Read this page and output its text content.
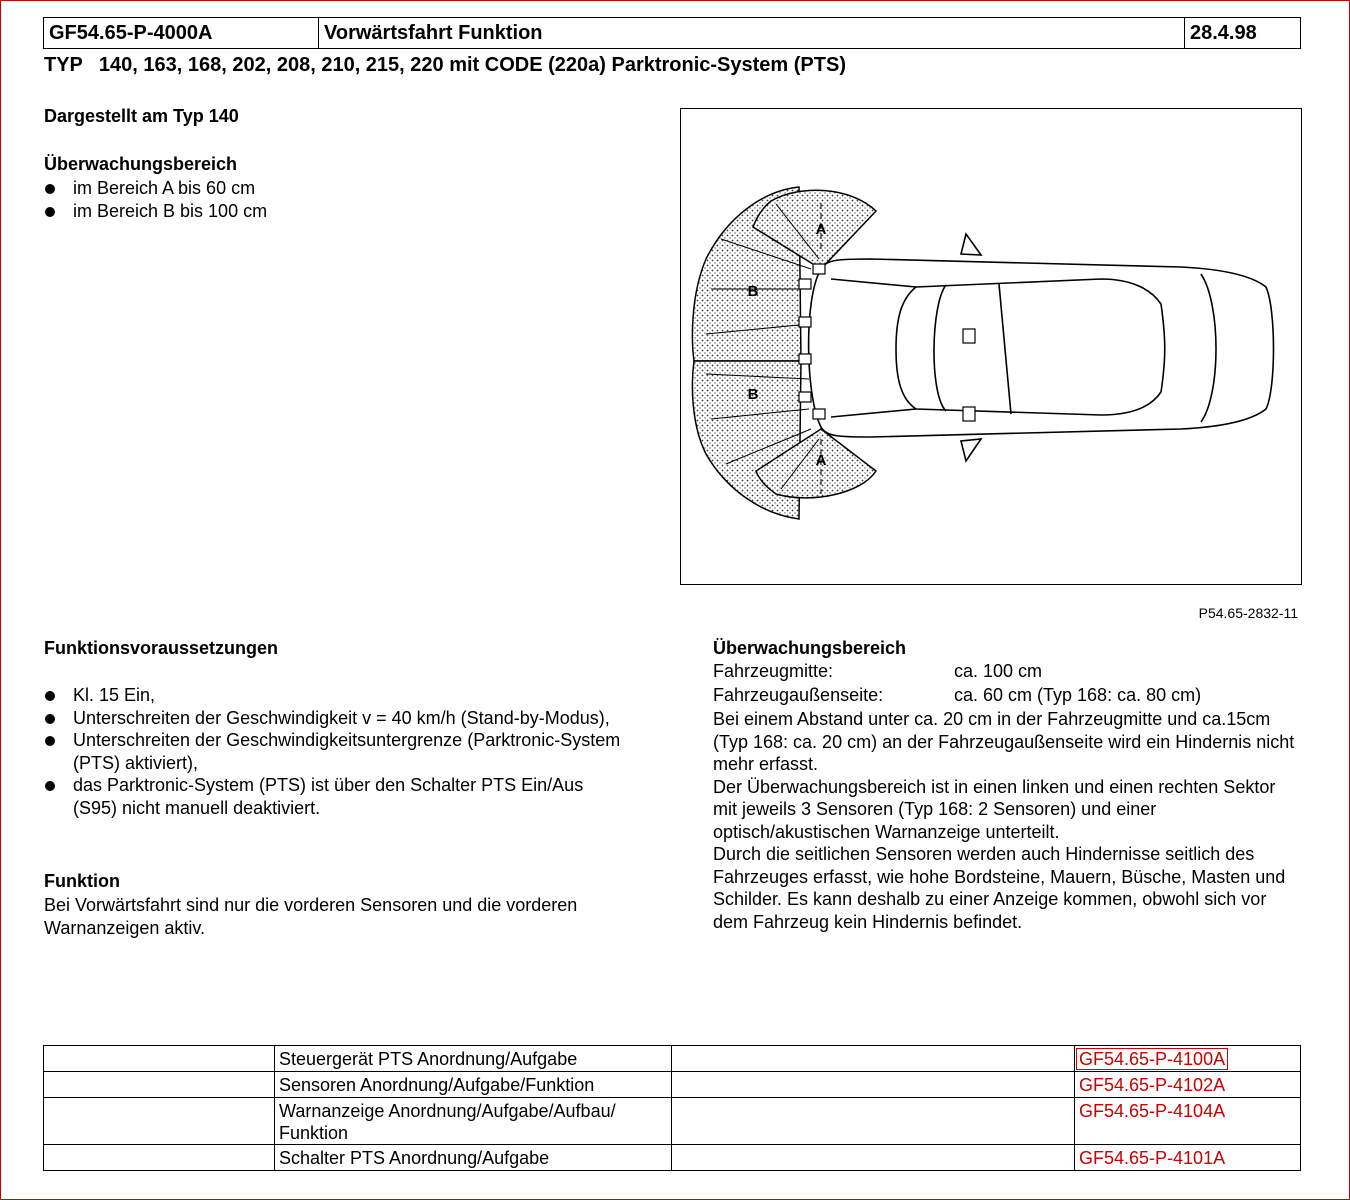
GF54.65-P-4000A	Vorwärtsfahrt Funktion	28.4.98
TYP 140, 163, 168, 202, 208, 210, 215, 220 mit CODE (220a) Parktronic-System (PTS)
Dargestellt am Typ 140
Überwachungsbereich
im Bereich A bis 60 cm
im Bereich B bis 100 cm
A
B
B
A
P54.65-2832-11
Funktionsvoraussetzungen
Kl. 15 Ein,
Unterschreiten der Geschwindigkeit v = 40 km/h (Stand-by-Modus),
Unterschreiten der Geschwindigkeitsuntergrenze (Parktronic-System (PTS) aktiviert),
das Parktronic-System (PTS) ist über den Schalter PTS Ein/Aus (S95) nicht manuell deaktiviert.
Funktion
Bei Vorwärtsfahrt sind nur die vorderen Sensoren und die vorderen Warnanzeigen aktiv.
Überwachungsbereich
Fahrzeugmitte:	ca. 100 cm
Fahrzeugaußenseite:	ca. 60 cm (Typ 168: ca. 80 cm)
Bei einem Abstand unter ca. 20 cm in der Fahrzeugmitte und ca.15cm (Typ 168: ca. 20 cm) an der Fahrzeugaußenseite wird ein Hindernis nicht mehr erfasst.
Der Überwachungsbereich ist in einen linken und einen rechten Sektor mit jeweils 3 Sensoren (Typ 168: 2 Sensoren) und einer optisch/akustischen Warnanzeige unterteilt.
Durch die seitlichen Sensoren werden auch Hindernisse seitlich des Fahrzeuges erfasst, wie hohe Bordsteine, Mauern, Büsche, Masten und Schilder. Es kann deshalb zu einer Anzeige kommen, obwohl sich vor dem Fahrzeug kein Hindernis befindet.
	Steuergerät PTS Anordnung/Aufgabe		GF54.65-P-4100A
	Sensoren Anordnung/Aufgabe/Funktion		GF54.65-P-4102A
	Warnanzeige Anordnung/Aufgabe/Aufbau/ Funktion		GF54.65-P-4104A
	Schalter PTS Anordnung/Aufgabe		GF54.65-P-4101A
